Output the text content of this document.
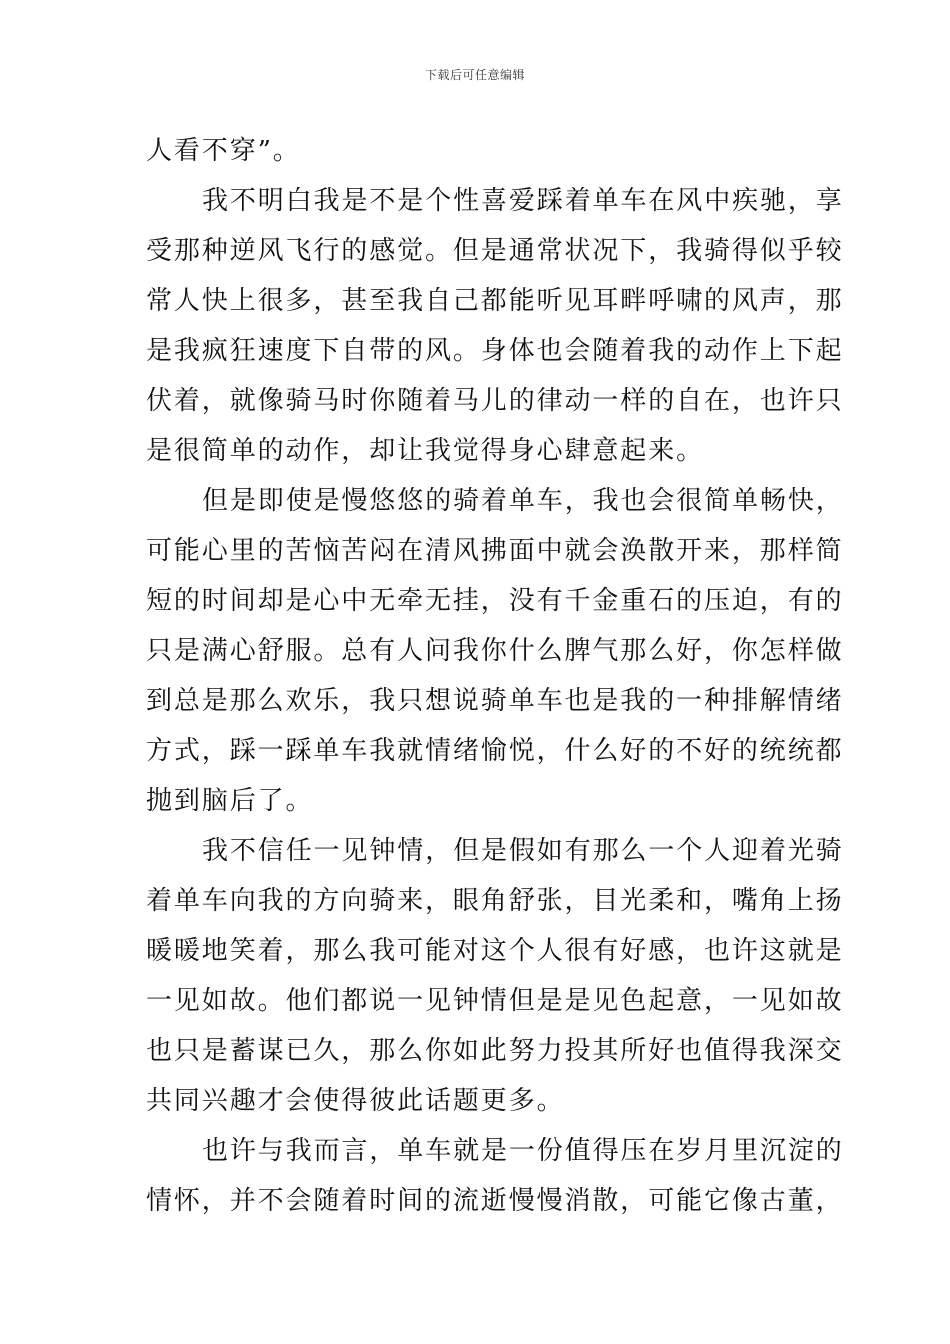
下载后可任意编辑
人看不穿”。
我不明白我是不是个性喜爱踩着单车在风中疾驰，享
受那种逆风飞行的感觉。但是通常状况下，我骑得似乎较
常人快上很多，甚至我自己都能听见耳畔呼啸的风声，那
是我疯狂速度下自带的风。身体也会随着我的动作上下起
伏着，就像骑马时你随着马儿的律动一样的自在，也许只
是很简单的动作，却让我觉得身心肆意起来。
但是即使是慢悠悠的骑着单车，我也会很简单畅快，
可能心里的苦恼苦闷在清风拂面中就会涣散开来，那样简
短的时间却是心中无牵无挂，没有千金重石的压迫，有的
只是满心舒服。总有人问我你什么脾气那么好，你怎样做
到总是那么欢乐，我只想说骑单车也是我的一种排解情绪
方式，踩一踩单车我就情绪愉悦，什么好的不好的统统都
抛到脑后了。
我不信任一见钟情，但是假如有那么一个人迎着光骑
着单车向我的方向骑来，眼角舒张，目光柔和，嘴角上扬
暖暖地笑着，那么我可能对这个人很有好感，也许这就是
一见如故。他们都说一见钟情但是是见色起意，一见如故
也只是蓄谋已久，那么你如此努力投其所好也值得我深交
共同兴趣才会使得彼此话题更多。
也许与我而言，单车就是一份值得压在岁月里沉淀的
情怀，并不会随着时间的流逝慢慢消散，可能它像古董，
